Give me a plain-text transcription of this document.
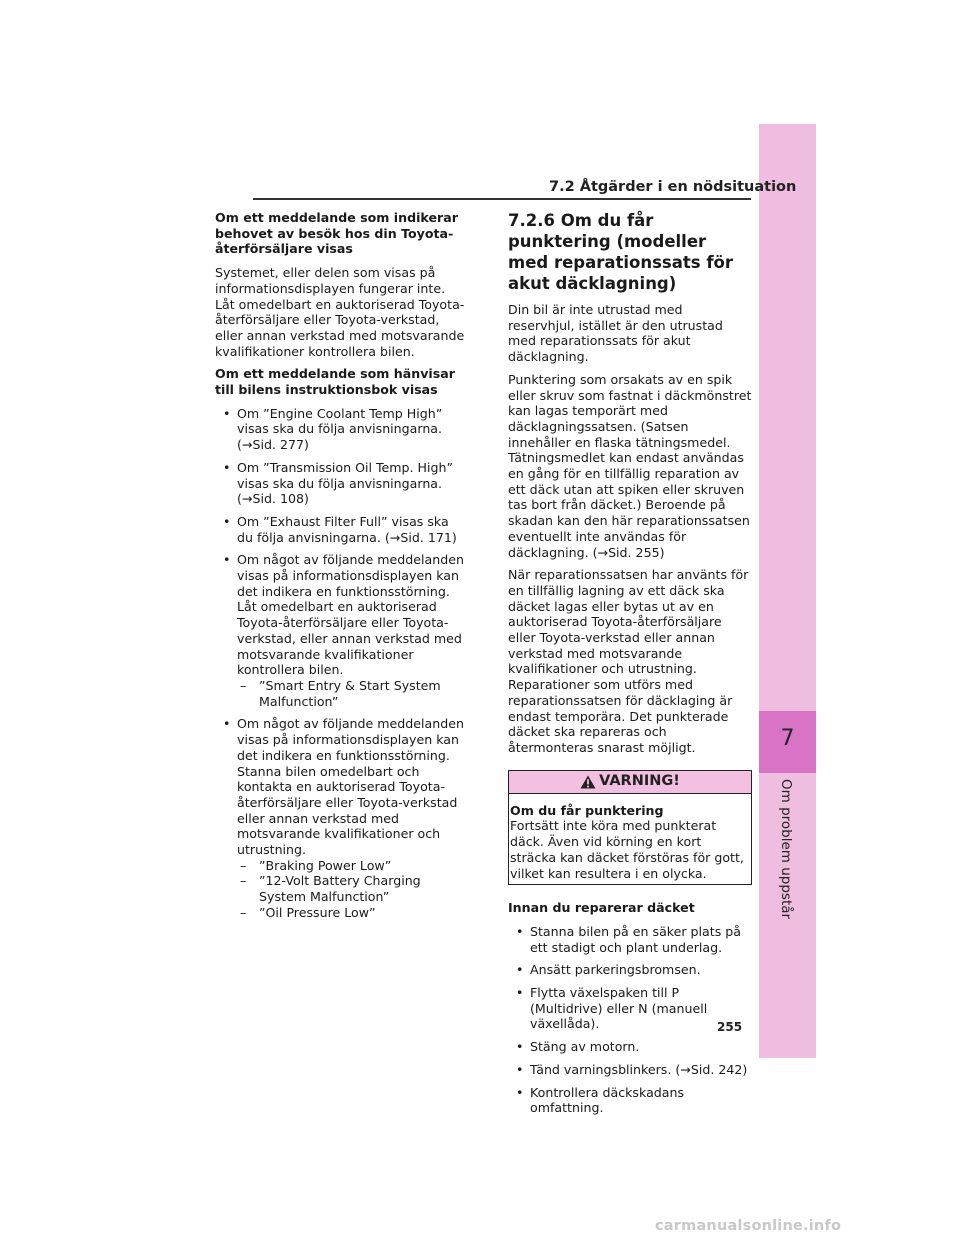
7
Om problem uppstår
7.2 Åtgärder i en nödsituation

Om ett meddelande som indikerar behovet av besök hos din Toyota-återförsäljare visas

Systemet, eller delen som visas på informationsdisplayen fungerar inte. Låt omedelbart en auktoriserad Toyota-återförsäljare eller Toyota-verkstad, eller annan verkstad med motsvarande kvalifikationer kontrollera bilen.

Om ett meddelande som hänvisar till bilens instruktionsbok visas

• Om ”Engine Coolant Temp High” visas ska du följa anvisningarna. (→Sid. 277)
• Om ”Transmission Oil Temp. High” visas ska du följa anvisningarna. (→Sid. 108)
• Om ”Exhaust Filter Full” visas ska du följa anvisningarna. (→Sid. 171)
• Om något av följande meddelanden visas på informationsdisplayen kan det indikera en funktionsstörning. Låt omedelbart en auktoriserad Toyota-återförsäljare eller Toyota-verkstad, eller annan verkstad med motsvarande kvalifikationer kontrollera bilen.
– ”Smart Entry & Start System Malfunction”
• Om något av följande meddelanden visas på informationsdisplayen kan det indikera en funktionsstörning. Stanna bilen omedelbart och kontakta en auktoriserad Toyota-återförsäljare eller Toyota-verkstad eller annan verkstad med motsvarande kvalifikationer och utrustning.
– ”Braking Power Low”
– ”12-Volt Battery Charging System Malfunction”
– ”Oil Pressure Low”
7.2.6 Om du får punktering (modeller med reparationssats för akut däcklagning)

Din bil är inte utrustad med reservhjul, istället är den utrustad med reparationssats för akut däcklagning.

Punktering som orsakats av en spik eller skruv som fastnat i däckmönstret kan lagas temporärt med däcklagningssatsen. (Satsen innehåller en flaska tätningsmedel. Tätningsmedlet kan endast användas en gång för en tillfällig reparation av ett däck utan att spiken eller skruven tas bort från däcket.) Beroende på skadan kan den här reparationssatsen eventuellt inte användas för däcklagning. (→Sid. 255)

När reparationssatsen har använts för en tillfällig lagning av ett däck ska däcket lagas eller bytas ut av en auktoriserad Toyota-återförsäljare eller Toyota-verkstad eller annan verkstad med motsvarande kvalifikationer och utrustning. Reparationer som utförs med reparationssatsen för däcklaging är endast temporära. Det punkterade däcket ska repareras och återmonteras snarast möjligt.

VARNING!

Om du får punktering

Fortsätt inte köra med punkterat däck. Även vid körning en kort sträcka kan däcket förstöras för gott, vilket kan resultera i en olycka.

Innan du reparerar däcket

• Stanna bilen på en säker plats på ett stadigt och plant underlag.
• Ansätt parkeringsbromsen.
• Flytta växelspaken till P (Multidrive) eller N (manuell växellåda).
• Stäng av motorn.
• Tänd varningsblinkers. (→Sid. 242)
• Kontrollera däckskadans omfattning.
255
carmanualsonline.info
